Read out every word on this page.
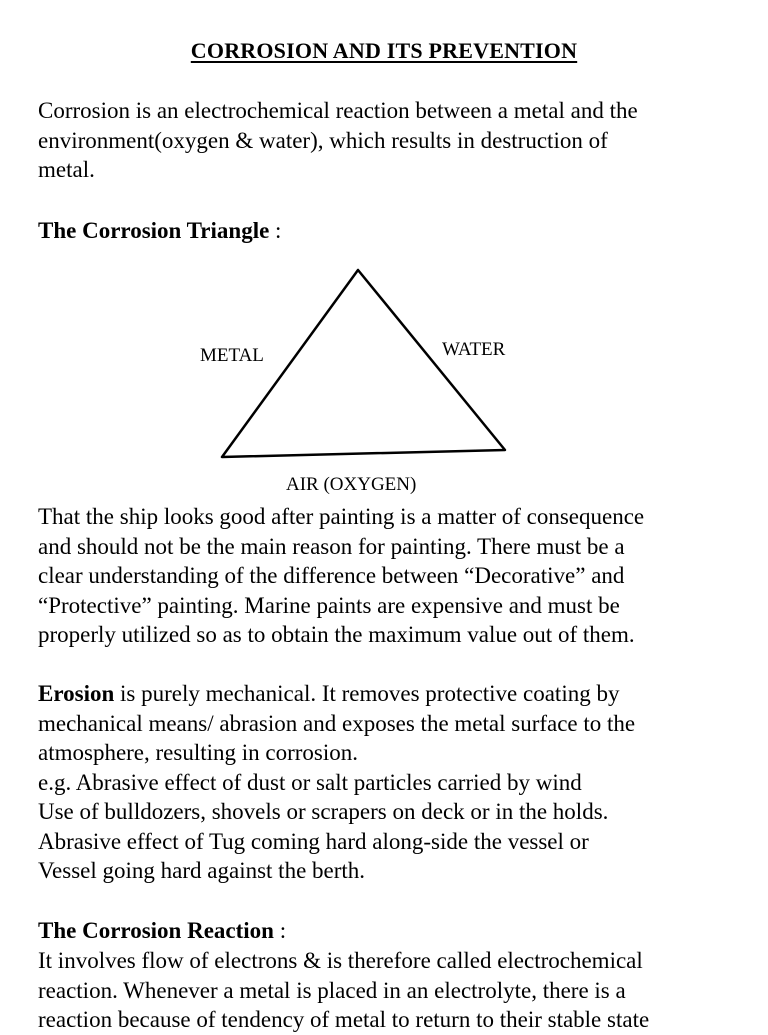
CORROSION AND ITS PREVENTION
Corrosion is an electrochemical reaction between a metal and the
environment(oxygen & water), which results in destruction of
metal.
The Corrosion Triangle :
That the ship looks good after painting is a matter of consequence
and should not be the main reason for painting. There must be a
clear understanding of the difference between “Decorative” and
“Protective” painting. Marine paints are expensive and must be
properly utilized so as to obtain the maximum value out of them.
Erosion is purely mechanical. It removes protective coating by
mechanical means/ abrasion and exposes the metal surface to the
atmosphere, resulting in corrosion.
e.g. Abrasive effect of dust or salt particles carried by wind
Use of bulldozers, shovels or scrapers on deck or in the holds.
Abrasive effect of Tug coming hard along-side the vessel or
Vessel going hard against the berth.
The Corrosion Reaction :
It involves flow of electrons & is therefore called electrochemical
reaction. Whenever a metal is placed in an electrolyte, there is a
reaction because of tendency of metal to return to their stable state
METAL	WATER
AIR (OXYGEN)
